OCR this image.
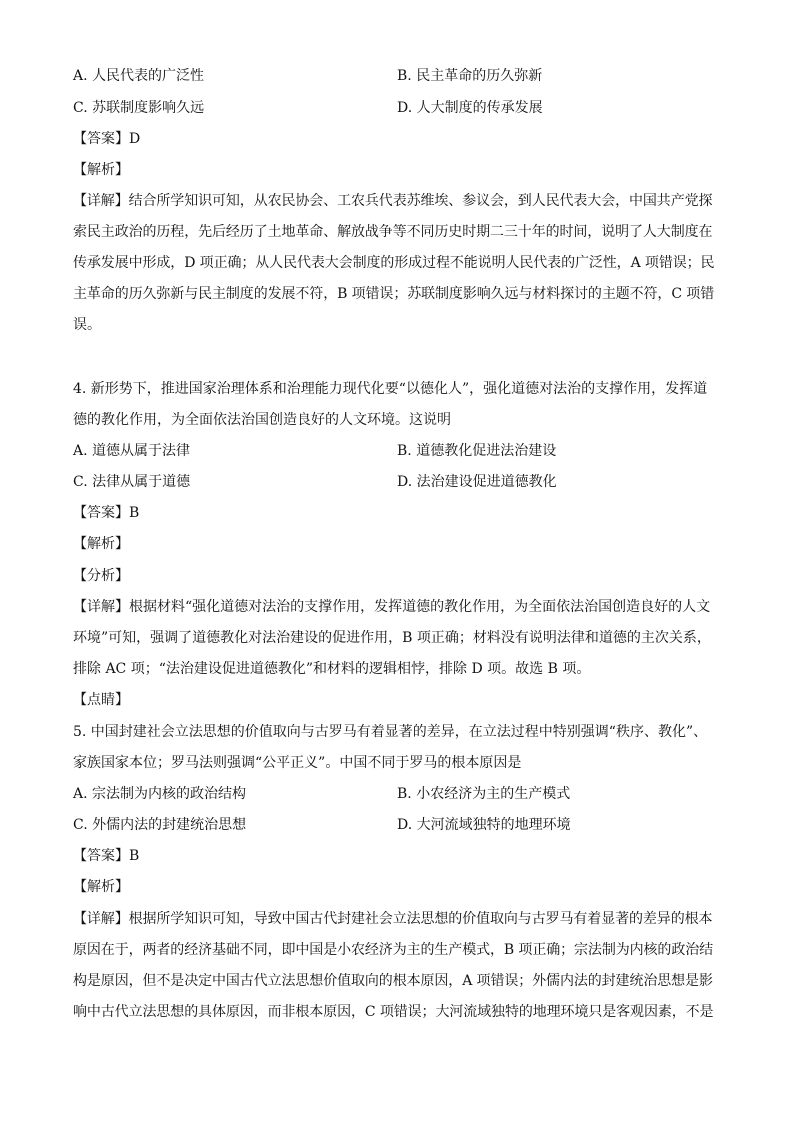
A. 人民代表的广泛性	B. 民主革命的历久弥新
C. 苏联制度影响久远	D. 人大制度的传承发展
【答案】D
【解析】
【详解】结合所学知识可知，从农民协会、工农兵代表苏维埃、参议会，到人民代表大会，中国共产党探
索民主政治的历程，先后经历了土地革命、解放战争等不同历史时期二三十年的时间，说明了人大制度在
传承发展中形成，D 项正确；从人民代表大会制度的形成过程不能说明人民代表的广泛性，A 项错误；民
主革命的历久弥新与民主制度的发展不符，B 项错误；苏联制度影响久远与材料探讨的主题不符，C 项错
误。
4. 新形势下，推进国家治理体系和治理能力现代化要“以德化人”，强化道德对法治的支撑作用，发挥道
德的教化作用，为全面依法治国创造良好的人文环境。这说明
A. 道德从属于法律	B. 道德教化促进法治建设
C. 法律从属于道德	D. 法治建设促进道德教化
【答案】B
【解析】
【分析】
【详解】根据材料“强化道德对法治的支撑作用，发挥道德的教化作用，为全面依法治国创造良好的人文
环境”可知，强调了道德教化对法治建设的促进作用，B 项正确；材料没有说明法律和道德的主次关系，
排除 AC 项；“法治建设促进道德教化”和材料的逻辑相悖，排除 D 项。故选 B 项。
【点睛】
5. 中国封建社会立法思想的价值取向与古罗马有着显著的差异，在立法过程中特别强调“秩序、教化”、
家族国家本位；罗马法则强调“公平正义”。中国不同于罗马的根本原因是
A. 宗法制为内核的政治结构	B. 小农经济为主的生产模式
C. 外儒内法的封建统治思想	D. 大河流域独特的地理环境
【答案】B
【解析】
【详解】根据所学知识可知，导致中国古代封建社会立法思想的价值取向与古罗马有着显著的差异的根本
原因在于，两者的经济基础不同，即中国是小农经济为主的生产模式，B 项正确；宗法制为内核的政治结
构是原因，但不是决定中国古代立法思想价值取向的根本原因，A 项错误；外儒内法的封建统治思想是影
响中古代立法思想的具体原因，而非根本原因，C 项错误；大河流域独特的地理环境只是客观因素，不是
